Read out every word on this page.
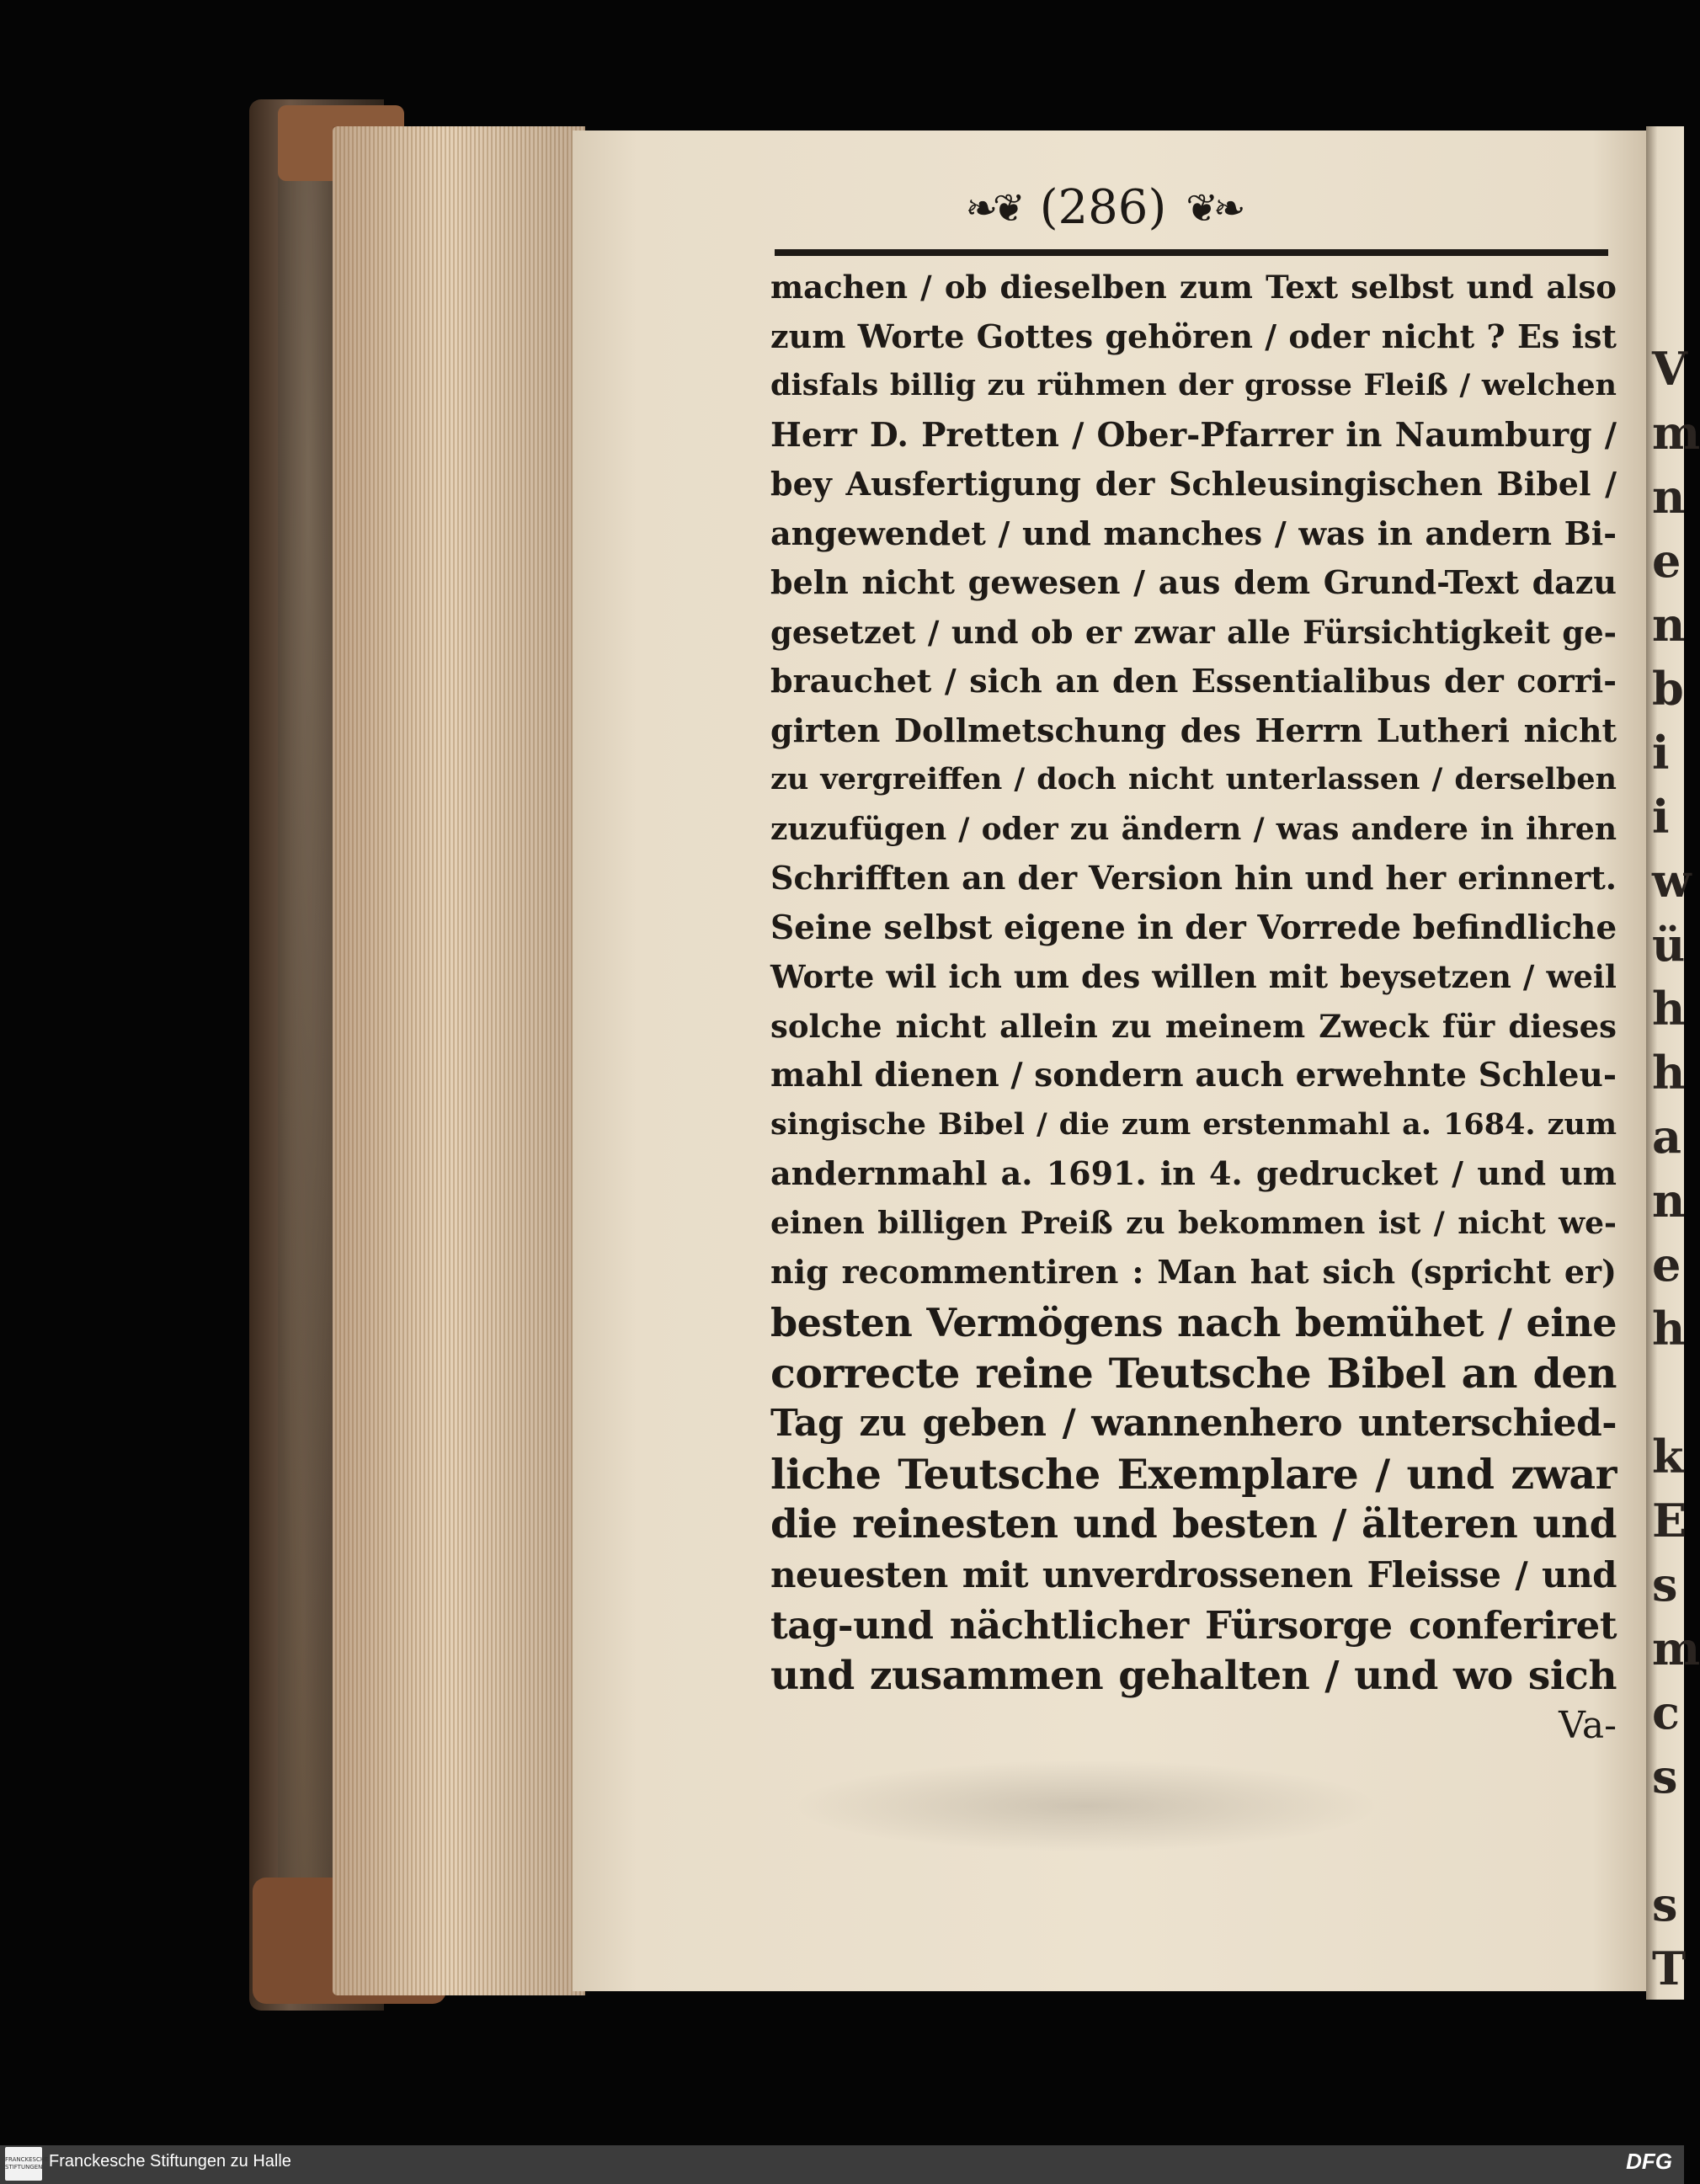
V
m
n
e
n
b
i
i
w
ü
h
h
a
n
e
h

k
E
s
m
c
s

s
T
❧❦ (286) ❦❧
machen / ob dieselben zum Text selbst und also
zum Worte Gottes gehören / oder nicht ? Es ist
disfals billig zu rühmen der grosse Fleiß / welchen
Herr D. Pretten / Ober-Pfarrer in Naumburg /
bey Ausfertigung der Schleusingischen Bibel /
angewendet / und manches / was in andern Bi-
beln nicht gewesen / aus dem Grund-Text dazu
gesetzet / und ob er zwar alle Fürsichtigkeit ge-
brauchet / sich an den Essentialibus der corri-
girten Dollmetschung des Herrn Lutheri nicht
zu vergreiffen / doch nicht unterlassen / derselben
zuzufügen / oder zu ändern / was andere in ihren
Schrifften an der Version hin und her erinnert.
Seine selbst eigene in der Vorrede befindliche
Worte wil ich um des willen mit beysetzen / weil
solche nicht allein zu meinem Zweck für dieses
mahl dienen / sondern auch erwehnte Schleu-
singische Bibel / die zum erstenmahl a. 1684. zum
andernmahl a. 1691. in 4. gedrucket / und um
einen billigen Preiß zu bekommen ist / nicht we-
nig recommentiren : Man hat sich (spricht er)
besten Vermögens nach bemühet / eine
correcte reine Teutsche Bibel an den
Tag zu geben / wannenhero unterschied-
liche Teutsche Exemplare / und zwar
die reinesten und besten / älteren und
neuesten mit unverdrossenen Fleisse / und
tag-und nächtlicher Fürsorge conferiret
und zusammen gehalten / und wo sich
Va-
FRANCKESCHE STIFTUNGEN Franckesche Stiftungen zu Halle	DFG
